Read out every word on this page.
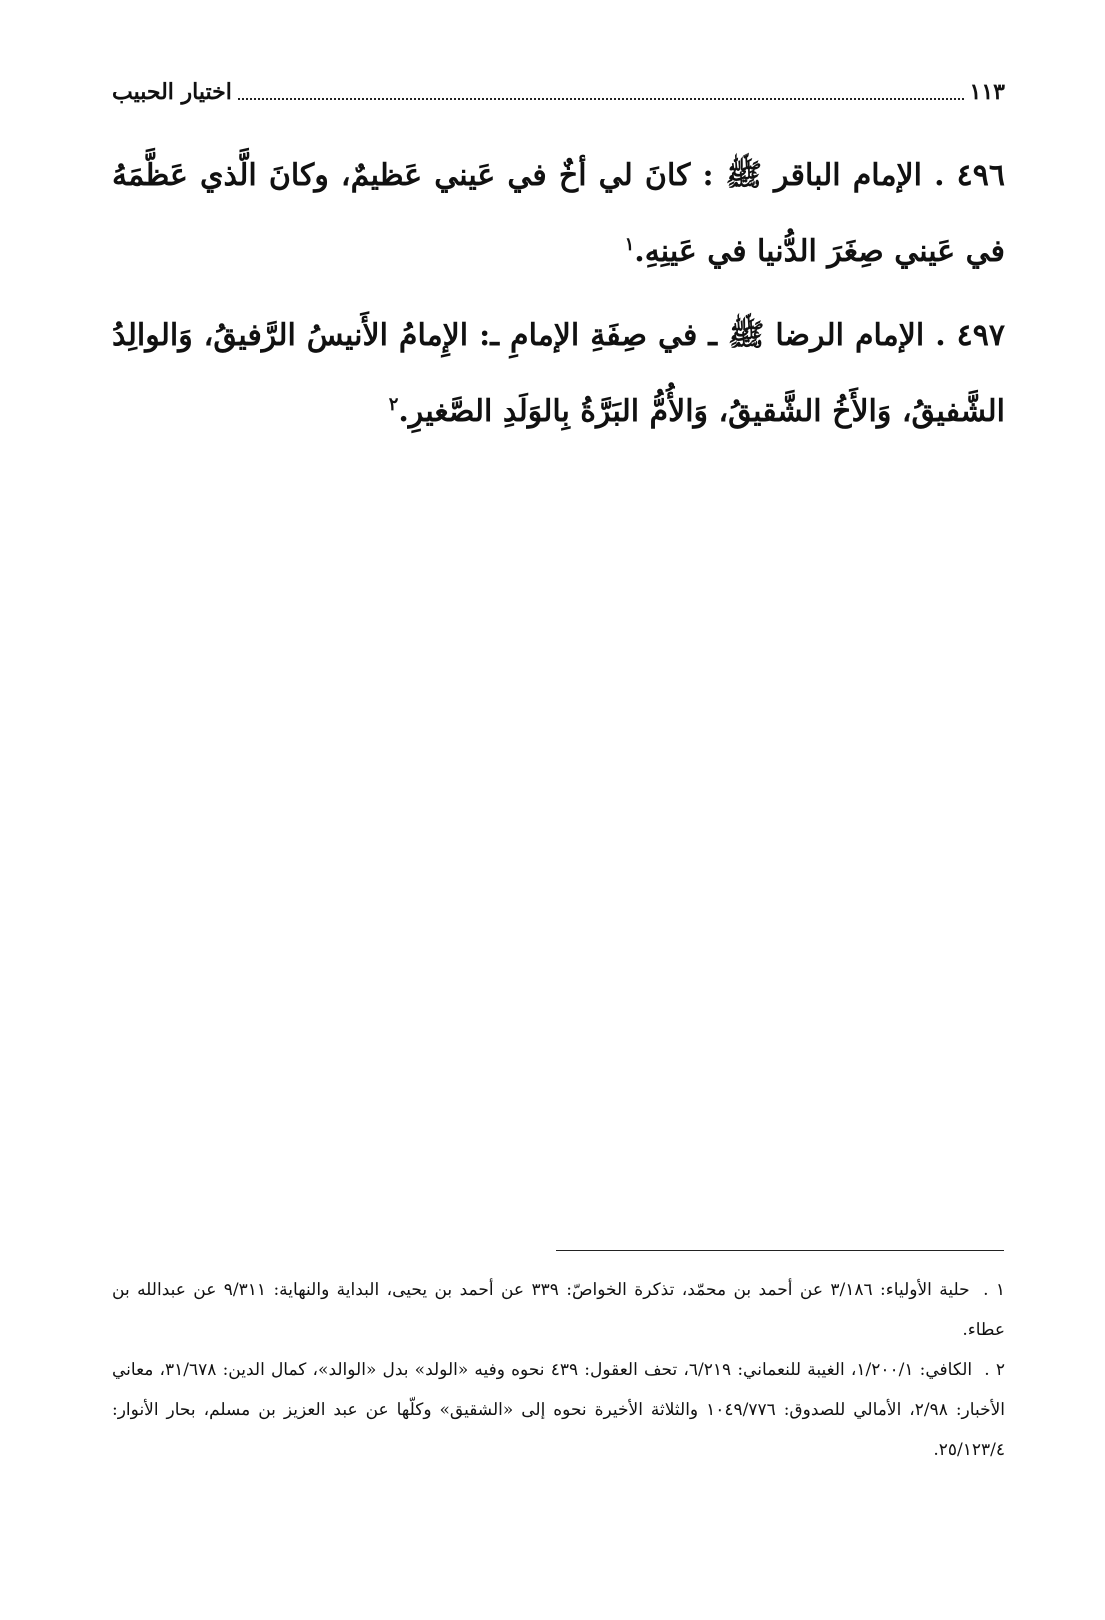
اختيار الحبيب	١١٣

٤٩٦ . الإمام الباقر ﷺ : كانَ لي أخٌ في عَيني عَظيمٌ، وكانَ الَّذي عَظَّمَهُ في عَيني صِغَرَ الدُّنيا في عَينِهِ.$^١$

٤٩٧ . الإمام الرضا ﷺ ـ في صِفَةِ الإمامِ ـ: الإِمامُ الأَنيسُ الرَّفيقُ، وَالوالِدُ الشَّفيقُ، وَالأَخُ الشَّقيقُ، وَالأُمُّ البَرَّةُ بِالوَلَدِ الصَّغيرِ.$^٢$

١ . حلية الأولياء: ٣/١٨٦ عن أحمد بن محمّد، تذكرة الخواصّ: ٣٣٩ عن أحمد بن يحيى، البداية والنهاية: ٩/٣١١ عن عبدالله بن عطاء.

٢ . الكافي: ١/٢٠٠/١، الغيبة للنعماني: ٦/٢١٩، تحف العقول: ٤٣٩ نحوه وفيه «الولد» بدل «الوالد»، كمال الدين: ٣١/٦٧٨، معاني الأخبار: ٢/٩٨، الأمالي للصدوق: ١٠٤٩/٧٧٦ والثلاثة الأخيرة نحوه إلى «الشقيق» وكلّها عن عبد العزيز بن مسلم، بحار الأنوار: ٢٥/١٢٣/٤.
